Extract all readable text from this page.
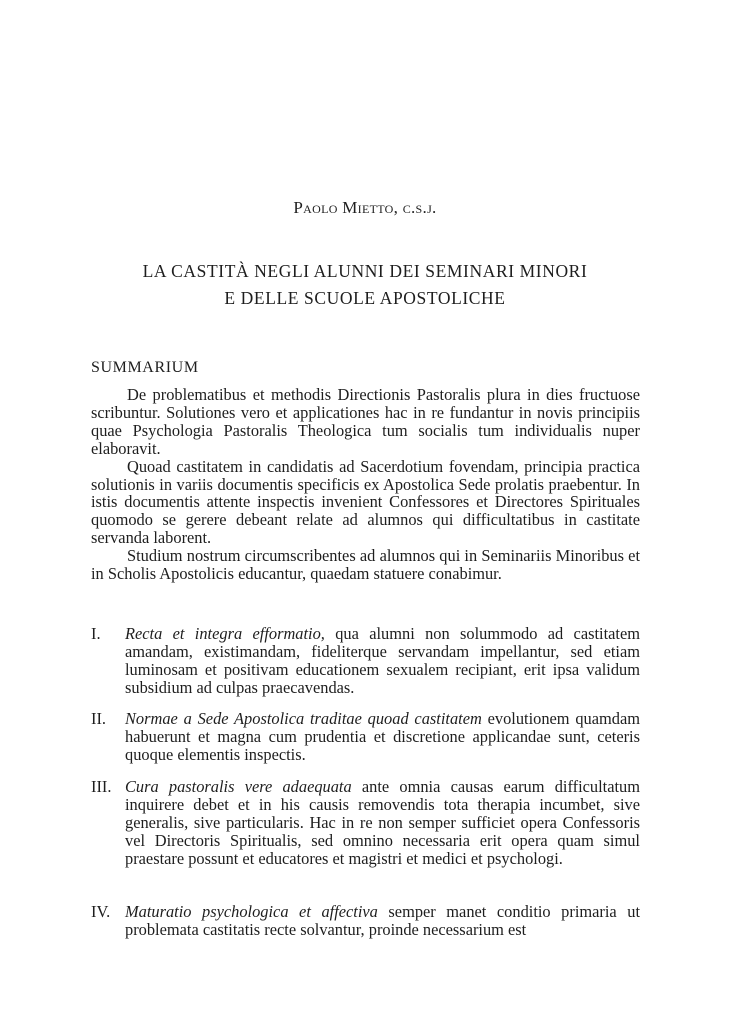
Paolo Mietto, c.s.j.
LA CASTITÀ NEGLI ALUNNI DEI SEMINARI MINORI
E DELLE SCUOLE APOSTOLICHE
SUMMARIUM

De problematibus et methodis Directionis Pastoralis plura in dies fructuose scribuntur. Solutiones vero et applicationes hac in re fundantur in novis principiis quae Psychologia Pastoralis Theologica tum socialis tum individualis nuper elaboravit.

Quoad castitatem in candidatis ad Sacerdotium fovendam, principia practica solutionis in variis documentis specificis ex Apostolica Sede prolatis praebentur. In istis documentis attente inspectis invenient Confessores et Directores Spirituales quomodo se gerere debeant relate ad alumnos qui difficultatibus in castitate servanda laborent.

Studium nostrum circumscribentes ad alumnos qui in Seminariis Minoribus et in Scholis Apostolicis educantur, quaedam statuere conabimur.

I.	Recta et integra efformatio, qua alumni non solummodo ad castitatem amandam, existimandam, fideliterque servandam impellantur, sed etiam luminosam et positivam educationem sexualem recipiant, erit ipsa validum subsidium ad culpas praecavendas.
II.	Normae a Sede Apostolica traditae quoad castitatem evolutionem quamdam habuerunt et magna cum prudentia et discretione applicandae sunt, ceteris quoque elementis inspectis.
III. Cura pastoralis vere adaequata ante omnia causas earum difficultatum inquirere debet et in his causis removendis tota therapia incumbet, sive generalis, sive particularis. Hac in re non semper sufficiet opera Confessoris vel Directoris Spiritualis, sed omnino necessaria erit opera quam simul praestare possunt et educatores et magistri et medici et psychologi.
IV. Maturatio psychologica et affectiva semper manet conditio primaria ut problemata castitatis recte solvantur, proinde necessarium est
